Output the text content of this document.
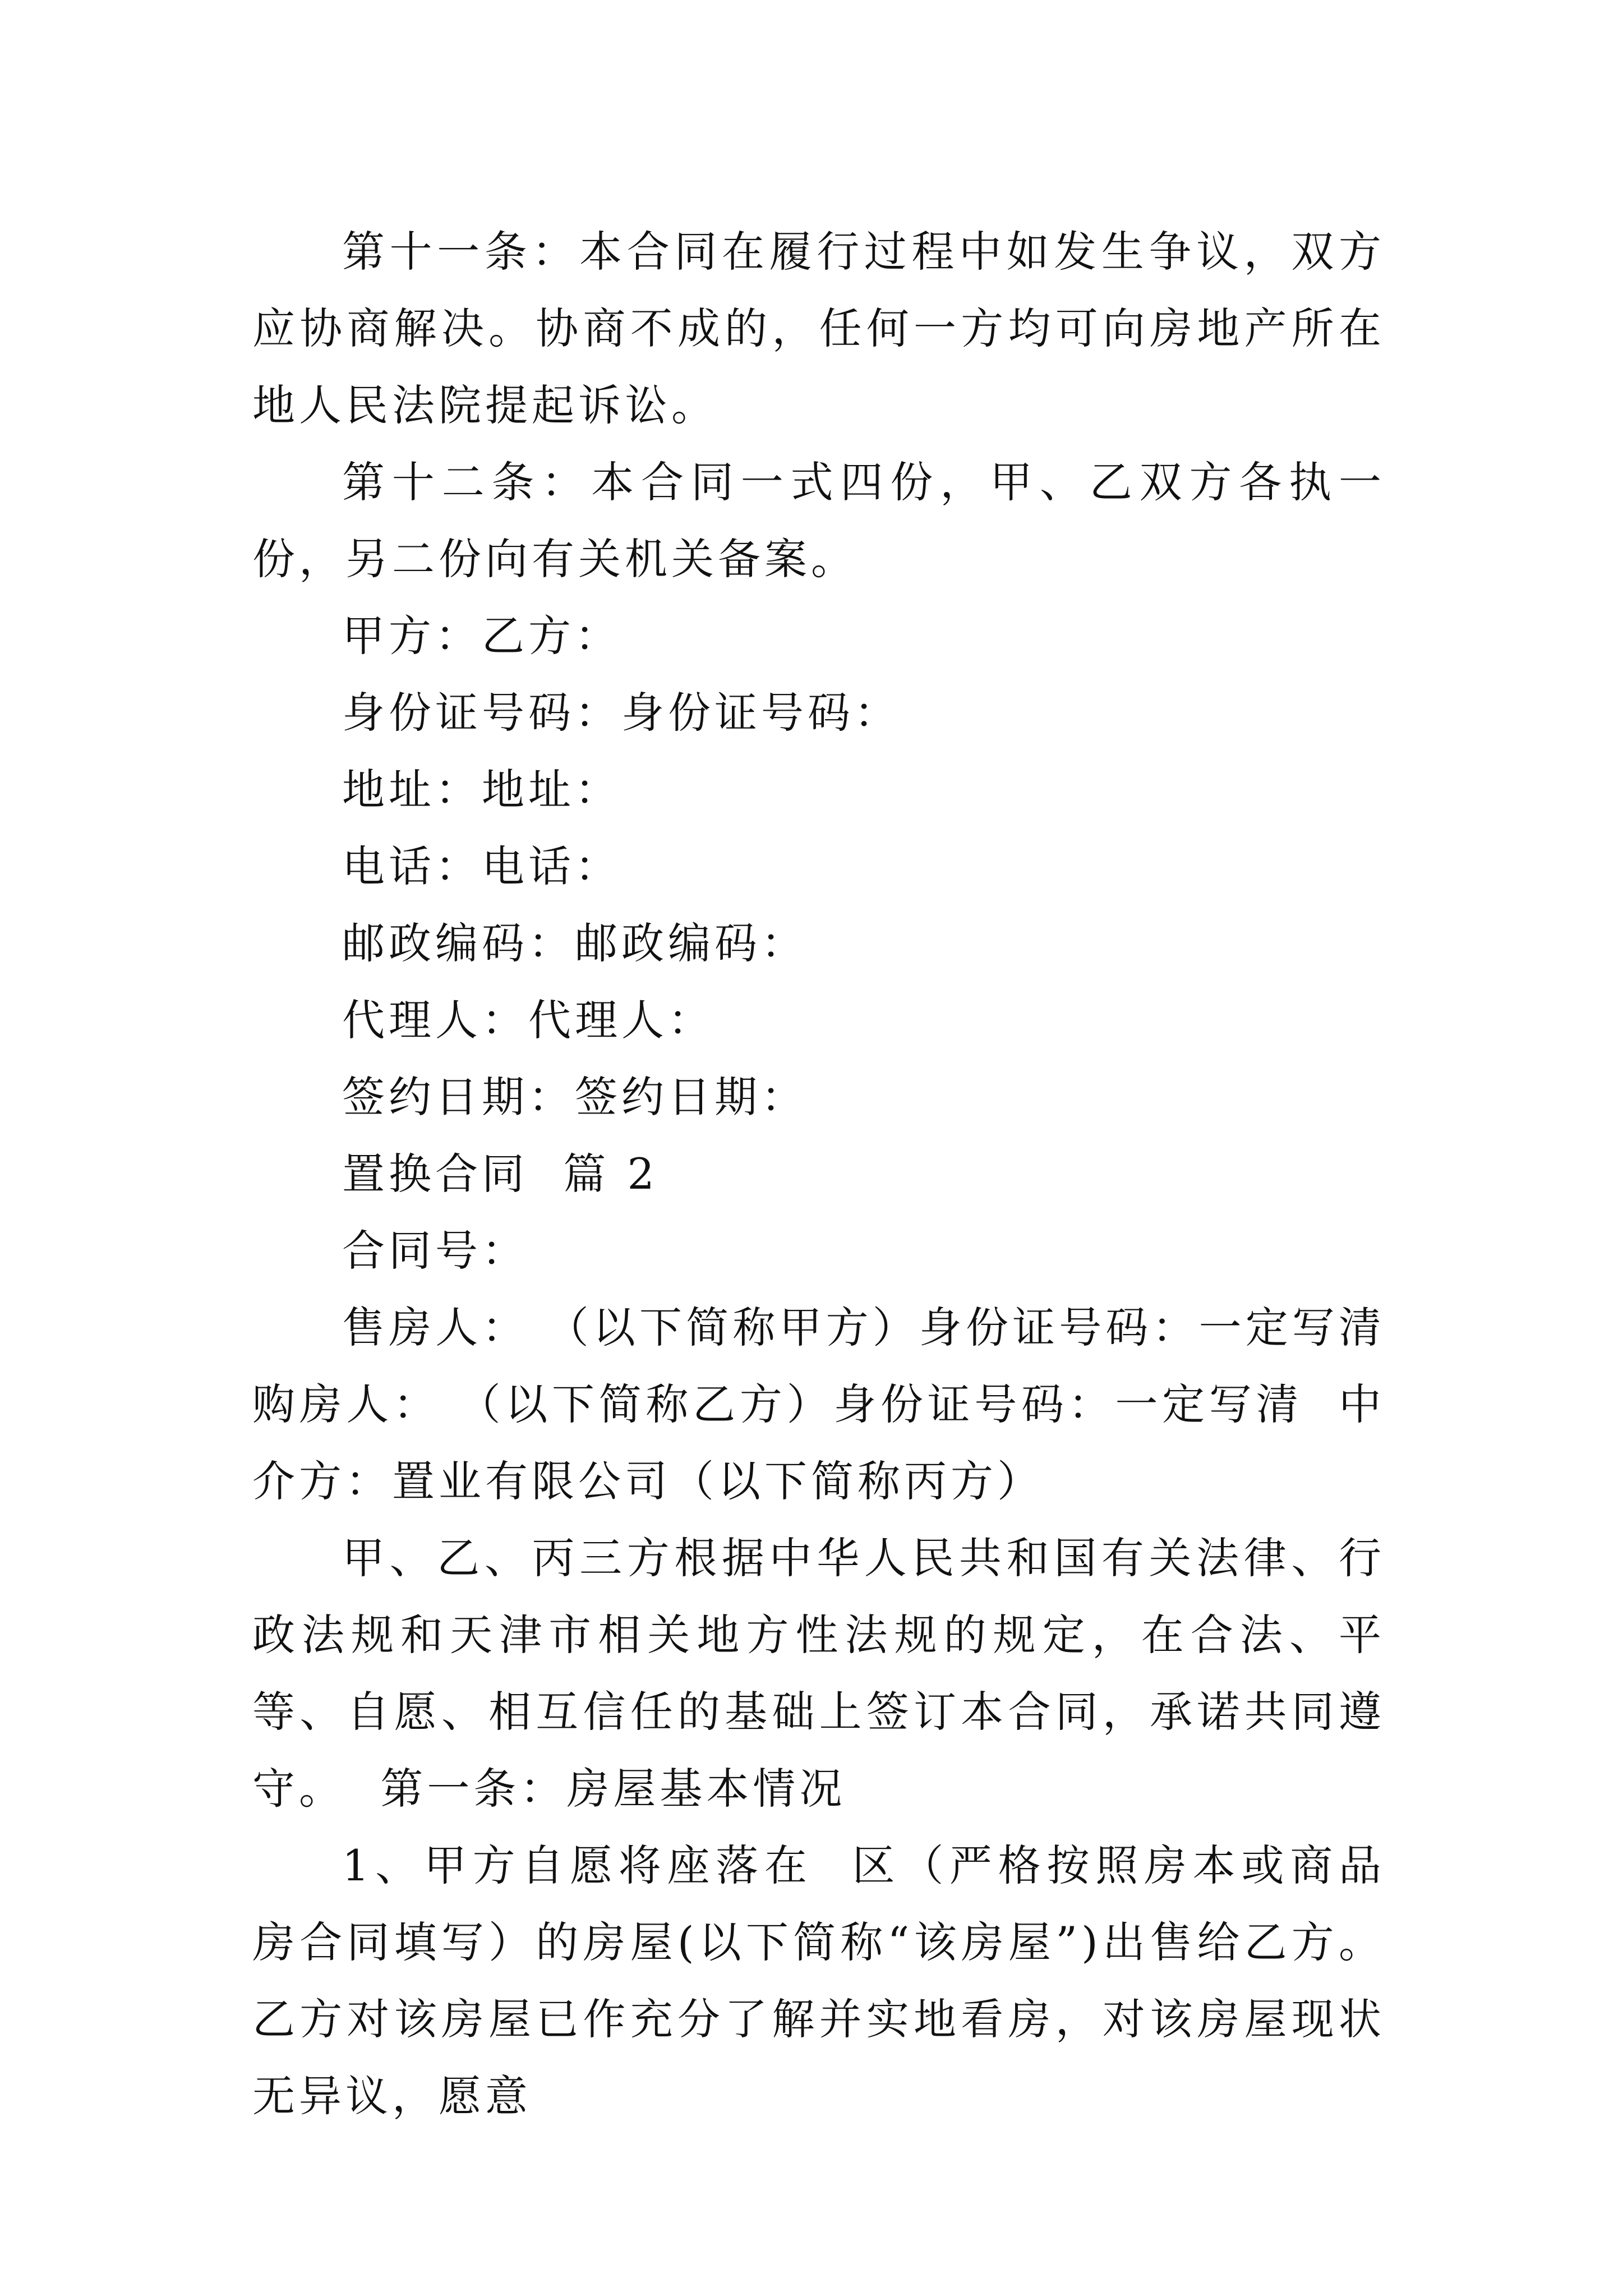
第十一条：本合同在履行过程中如发生争议，双方应协商解决。协商不成的，任何一方均可向房地产所在地人民法院提起诉讼。

第十二条：本合同一式四份，甲、乙双方各执一份，另二份向有关机关备案。

甲方：乙方：

身份证号码：身份证号码：

地址：地址：

电话：电话：

邮政编码：邮政编码：

代理人：代理人：

签约日期：签约日期：

置换合同  篇 2

合同号：

售房人： （以下简称甲方）身份证号码：一定写清  购房人： （以下简称乙方）身份证号码：一定写清  中介方：置业有限公司（以下简称丙方）

甲、乙、丙三方根据中华人民共和国有关法律、行政法规和天津市相关地方性法规的规定，在合法、平等、自愿、相互信任的基础上签订本合同，承诺共同遵守。  第一条：房屋基本情况

1、甲方自愿将座落在  区（严格按照房本或商品房合同填写）的房屋(以下简称“该房屋”)出售给乙方。乙方对该房屋已作充分了解并实地看房，对该房屋现状无异议，愿意
